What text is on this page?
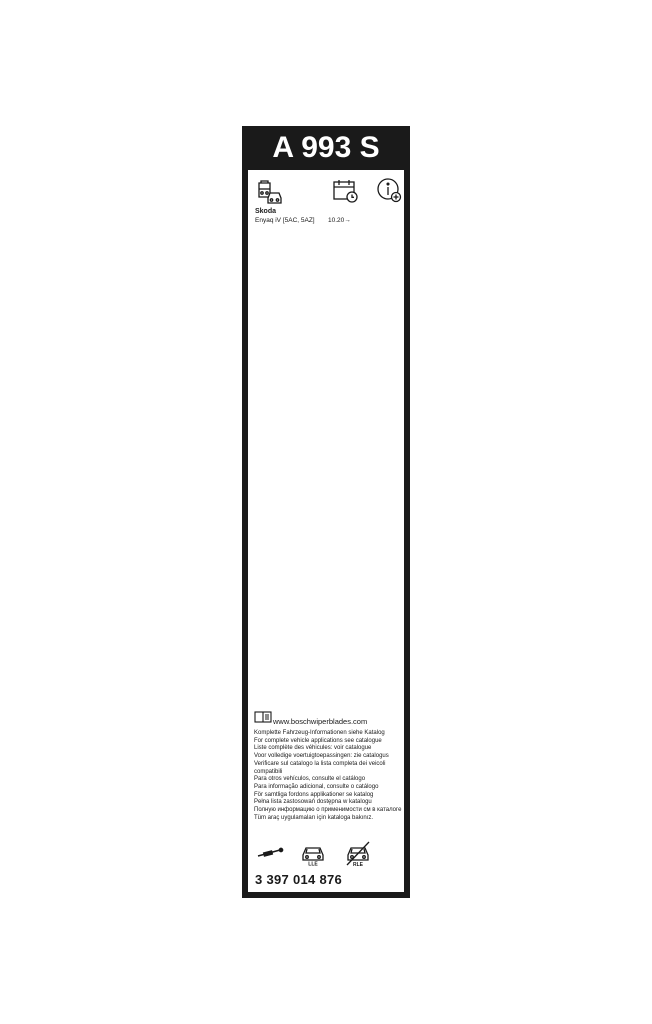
A 993 S
Skoda
Enyaq iV [5AC, 5AZ] 10.20→
www.boschwiperblades.com
Komplette Fahrzeug-Informationen siehe Katalog
For complete vehicle applications see catalogue
Liste complète des véhicules: voir catalogue
Voor volledige voertuigtoepassingen: zie catalogus
Verificare sul catalogo la lista completa dei veicoli compatibili
Para otros vehículos, consulte el catálogo
Para informação adicional, consulte o catálogo
För samtliga fordons applikationer se katalog
Pełna lista zastosowań dostępna w katalogu
Полную информацию о применимости см в каталоге
Tüm araç uygulamaları için kataloga bakınız.
LLE	RLE
3 397 014 876
